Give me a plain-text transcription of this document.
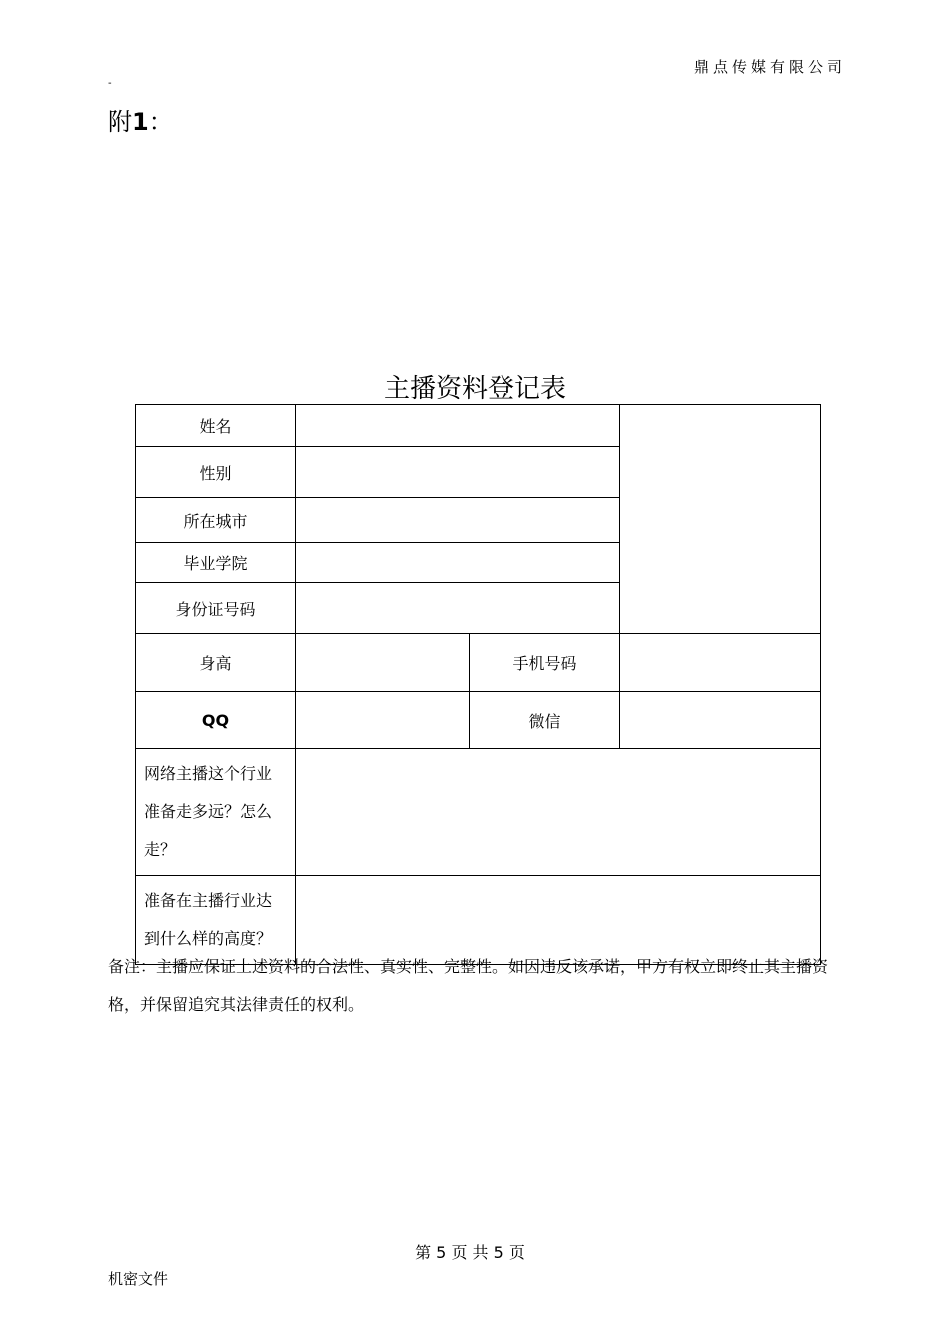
鼎点传媒有限公司
-
附1：
主播资料登记表
姓名			
性别			
所在城市			
毕业学院			
身份证号码			
身高		手机号码	
QQ		微信	
网络主播这个行业准备走多远？怎么走？			
准备在主播行业达到什么样的高度？			
备注：主播应保证上述资料的合法性、真实性、完整性。如因违反该承诺，甲方有权立即终止其主播资格，并保留追究其法律责任的权利。
第 5 页 共 5 页
机密文件
